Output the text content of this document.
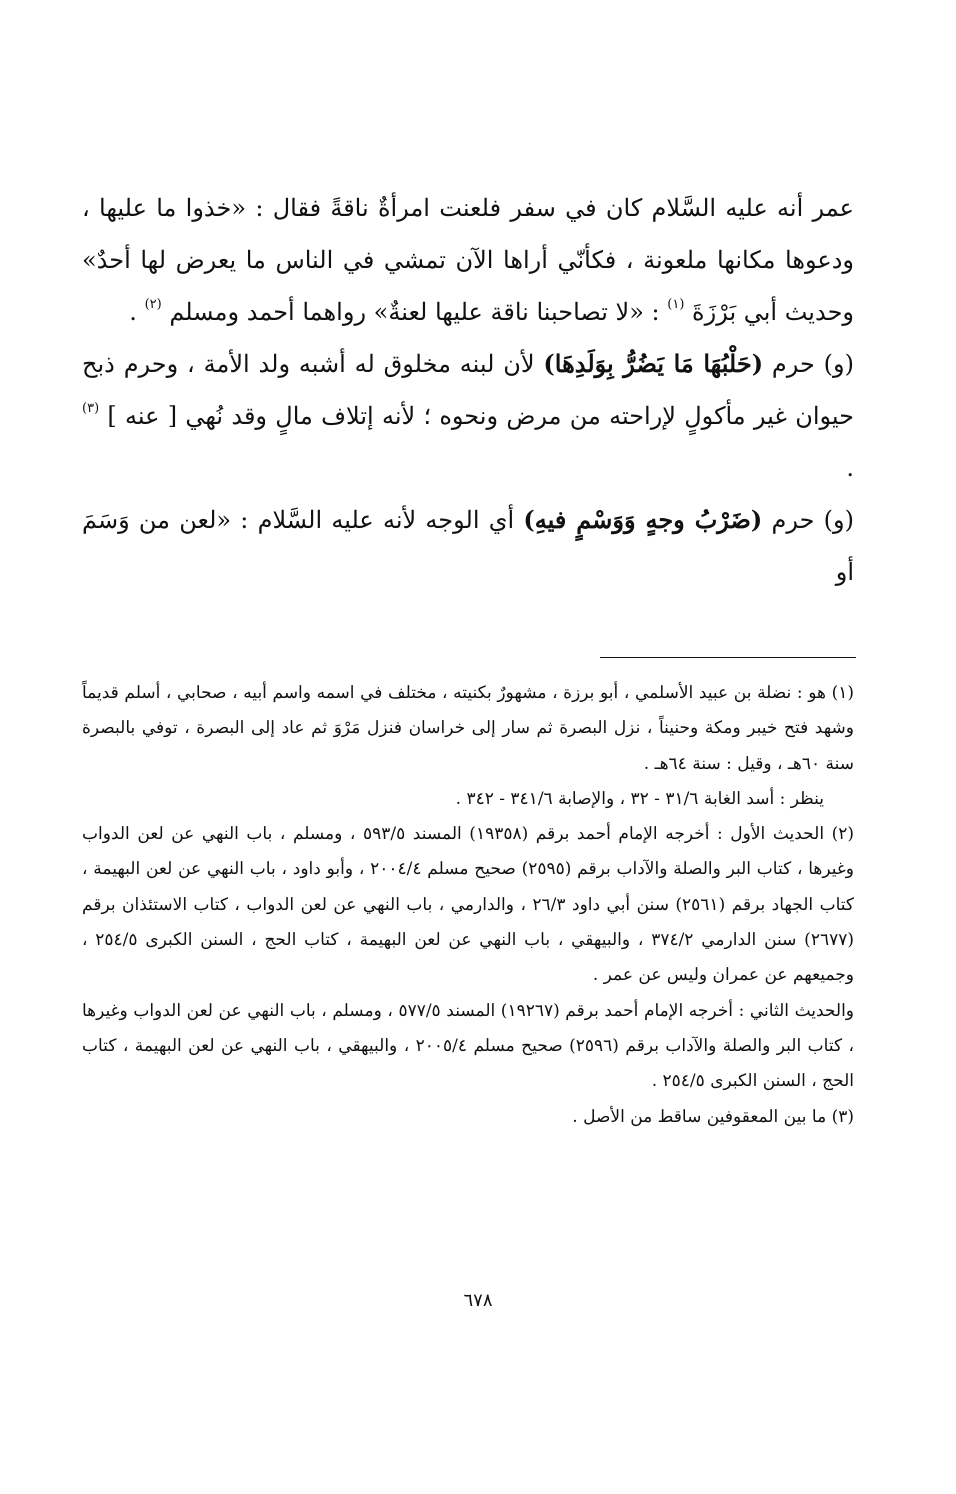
عمر أنه عليه السَّلام كان في سفر فلعنت امرأةٌ ناقةً فقال : «خذوا ما عليها ، ودعوها مكانها ملعونة ، فكأنّي أراها الآن تمشي في الناس ما يعرض لها أحدٌ» وحديث أبي بَرْزَةَ $^{(١)}$ : «لا تصاحبنا ناقة عليها لعنةٌ» رواهما أحمد ومسلم $^{(٢)}$ .

(و) حرم (حَلْبُهَا مَا يَضُرُّ بِوَلَدِهَا) لأن لبنه مخلوق له أشبه ولد الأمة ، وحرم ذبح حيوان غير مأكولٍ لإراحته من مرض ونحوه ؛ لأنه إتلاف مالٍ وقد نُهي [ عنه ] $^{(٣)}$ .

(و) حرم (ضَرْبُ وجهٍ وَوَسْمٍ فيهِ) أي الوجه لأنه عليه السَّلام : «لعن من وَسَمَ أو

(١) هو : نضلة بن عبيد الأسلمي ، أبو برزة ، مشهورٌ بكنيته ، مختلف في اسمه واسم أبيه ، صحابي ، أسلم قديماً وشهد فتح خيبر ومكة وحنيناً ، نزل البصرة ثم سار إلى خراسان فنزل مَرْوَ ثم عاد إلى البصرة ، توفي بالبصرة سنة ٦٠هـ ، وقيل : سنة ٦٤هـ .

ينظر : أسد الغابة ٣١/٦ - ٣٢ ، والإصابة ٣٤١/٦ - ٣٤٢ .

(٢) الحديث الأول : أخرجه الإمام أحمد برقم (١٩٣٥٨) المسند ٥٩٣/٥ ، ومسلم ، باب النهي عن لعن الدواب وغيرها ، كتاب البر والصلة والآداب برقم (٢٥٩٥) صحيح مسلم ٢٠٠٤/٤ ، وأبو داود ، باب النهي عن لعن البهيمة ، كتاب الجهاد برقم (٢٥٦١) سنن أبي داود ٢٦/٣ ، والدارمي ، باب النهي عن لعن الدواب ، كتاب الاستئذان برقم (٢٦٧٧) سنن الدارمي ٣٧٤/٢ ، والبيهقي ، باب النهي عن لعن البهيمة ، كتاب الحج ، السنن الكبرى ٢٥٤/٥ ، وجميعهم عن عمران وليس عن عمر .

والحديث الثاني : أخرجه الإمام أحمد برقم (١٩٢٦٧) المسند ٥٧٧/٥ ، ومسلم ، باب النهي عن لعن الدواب وغيرها ، كتاب البر والصلة والآداب برقم (٢٥٩٦) صحيح مسلم ٢٠٠٥/٤ ، والبيهقي ، باب النهي عن لعن البهيمة ، كتاب الحج ، السنن الكبرى ٢٥٤/٥ .

(٣) ما بين المعقوفين ساقط من الأصل .

٦٧٨
